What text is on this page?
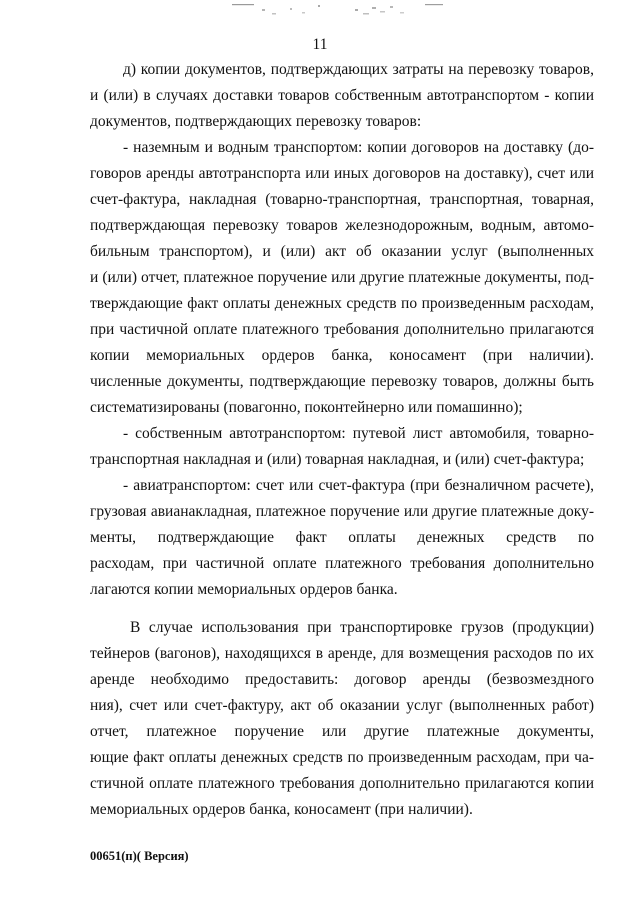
11
д) копии документов, подтверждающих затраты на перевозку товаров,
и (или) в случаях доставки товаров собственным автотранспортом - копии
документов, подтверждающих перевозку товаров:
- наземным и водным транспортом: копии договоров на доставку (до-
говоров аренды автотранспорта или иных договоров на доставку), счет или
счет-фактура, накладная (товарно-транспортная, транспортная, товарная,
подтверждающая перевозку товаров железнодорожным, водным, автомо-
бильным транспортом), и (или) акт об оказании услуг (выполненных
и (или) отчет, платежное поручение или другие платежные документы, под-
тверждающие факт оплаты денежных средств по произведенным расходам,
при частичной оплате платежного требования дополнительно прилагаются
копии мемориальных ордеров банка, коносамент (при наличии).
численные документы, подтверждающие перевозку товаров, должны быть
систематизированы (повагонно, поконтейнерно или помашинно);
- собственным автотранспортом: путевой лист автомобиля, товарно-
транспортная накладная и (или) товарная накладная, и (или) счет-фактура;
- авиатранспортом: счет или счет-фактура (при безналичном расчете),
грузовая авианакладная, платежное поручение или другие платежные доку-
менты, подтверждающие факт оплаты денежных средств по
расходам, при частичной оплате платежного требования дополнительно
лагаются копии мемориальных ордеров банка.
В случае использования при транспортировке грузов (продукции)
тейнеров (вагонов), находящихся в аренде, для возмещения расходов по их
аренде необходимо предоставить: договор аренды (безвозмездного
ния), счет или счет-фактуру, акт об оказании услуг (выполненных работ)
отчет, платежное поручение или другие платежные документы,
ющие факт оплаты денежных средств по произведенным расходам, при ча-
стичной оплате платежного требования дополнительно прилагаются копии
мемориальных ордеров банка, коносамент (при наличии).
00651(п)( Версия)
